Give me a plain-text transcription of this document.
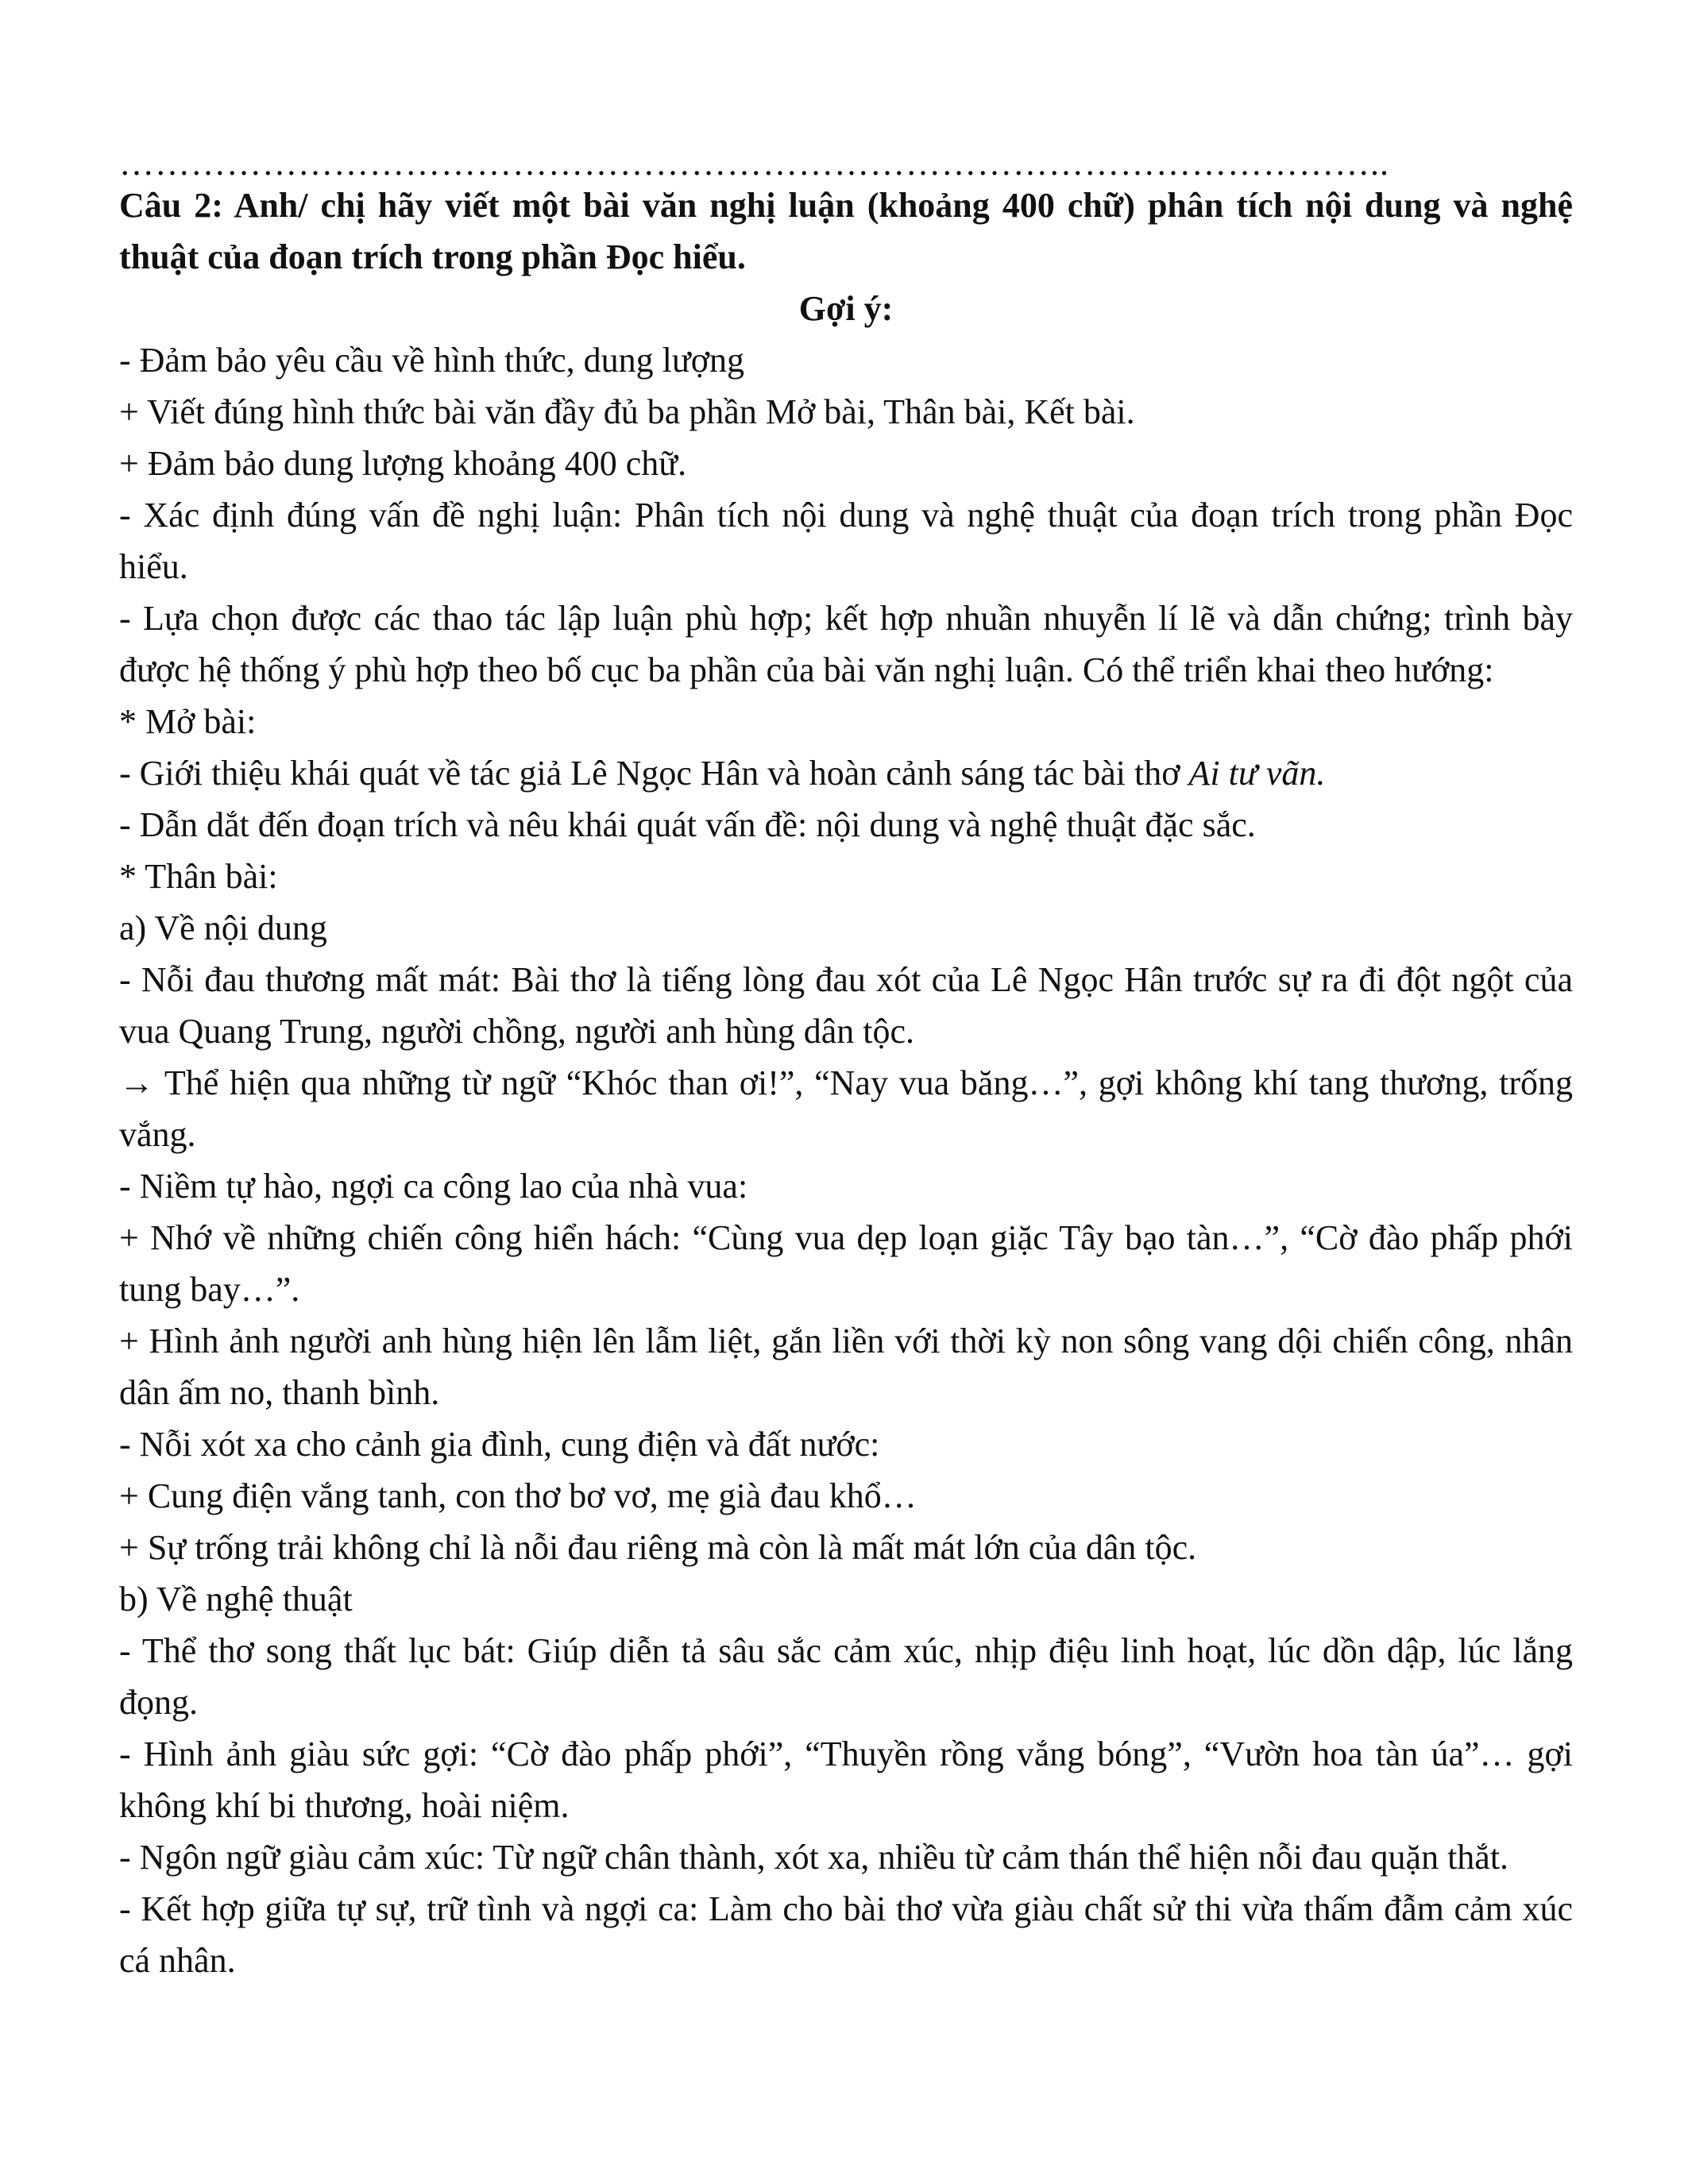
……………………………………………………………………………………………..
Câu 2: Anh/ chị hãy viết một bài văn nghị luận (khoảng 400 chữ) phân tích nội dung và nghệ thuật của đoạn trích trong phần Đọc hiểu.
Gợi ý:
- Đảm bảo yêu cầu về hình thức, dung lượng
+ Viết đúng hình thức bài văn đầy đủ ba phần Mở bài, Thân bài, Kết bài.
+ Đảm bảo dung lượng khoảng 400 chữ.
- Xác định đúng vấn đề nghị luận: Phân tích nội dung và nghệ thuật của đoạn trích trong phần Đọc hiểu.
- Lựa chọn được các thao tác lập luận phù hợp; kết hợp nhuần nhuyễn lí lẽ và dẫn chứng; trình bày được hệ thống ý phù hợp theo bố cục ba phần của bài văn nghị luận. Có thể triển khai theo hướng:
* Mở bài:
- Giới thiệu khái quát về tác giả Lê Ngọc Hân và hoàn cảnh sáng tác bài thơ Ai tư vãn.
- Dẫn dắt đến đoạn trích và nêu khái quát vấn đề: nội dung và nghệ thuật đặc sắc.
* Thân bài:
a) Về nội dung
- Nỗi đau thương mất mát: Bài thơ là tiếng lòng đau xót của Lê Ngọc Hân trước sự ra đi đột ngột của vua Quang Trung, người chồng, người anh hùng dân tộc.
→ Thể hiện qua những từ ngữ “Khóc than ơi!”, “Nay vua băng…”, gợi không khí tang thương, trống vắng.
- Niềm tự hào, ngợi ca công lao của nhà vua:
+ Nhớ về những chiến công hiển hách: “Cùng vua dẹp loạn giặc Tây bạo tàn…”, “Cờ đào phấp phới tung bay…”.
+ Hình ảnh người anh hùng hiện lên lẫm liệt, gắn liền với thời kỳ non sông vang dội chiến công, nhân dân ấm no, thanh bình.
- Nỗi xót xa cho cảnh gia đình, cung điện và đất nước:
+ Cung điện vắng tanh, con thơ bơ vơ, mẹ già đau khổ…
+ Sự trống trải không chỉ là nỗi đau riêng mà còn là mất mát lớn của dân tộc.
b) Về nghệ thuật
- Thể thơ song thất lục bát: Giúp diễn tả sâu sắc cảm xúc, nhịp điệu linh hoạt, lúc dồn dập, lúc lắng đọng.
- Hình ảnh giàu sức gợi: “Cờ đào phấp phới”, “Thuyền rồng vắng bóng”, “Vườn hoa tàn úa”… gợi không khí bi thương, hoài niệm.
- Ngôn ngữ giàu cảm xúc: Từ ngữ chân thành, xót xa, nhiều từ cảm thán thể hiện nỗi đau quặn thắt.
- Kết hợp giữa tự sự, trữ tình và ngợi ca: Làm cho bài thơ vừa giàu chất sử thi vừa thấm đẫm cảm xúc cá nhân.
